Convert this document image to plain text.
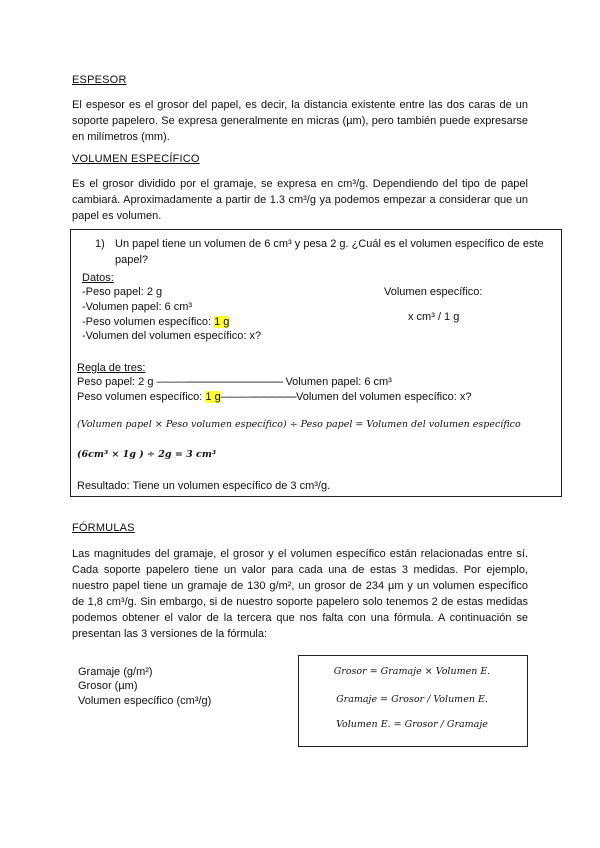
ESPESOR
El espesor es el grosor del papel, es decir, la distancia existente entre las dos caras de un soporte papelero. Se expresa generalmente en micras (µm), pero también puede expresarse en milímetros (mm).
VOLUMEN ESPECÍFICO
Es el grosor dividido por el gramaje, se expresa en cm³/g. Dependiendo del tipo de papel cambiará. Aproximadamente a partir de 1.3 cm³/g ya podemos empezar a considerar que un papel es volumen.
1) Un papel tiene un volumen de 6 cm³ y pesa 2 g. ¿Cuál es el volumen específico de este papel?
Datos:
-Peso papel: 2 g
-Volumen papel: 6 cm³
-Peso volumen específico: 1 g
-Volumen del volumen específico: x?
Volumen específico:
x cm³ / 1 g
Regla de tres:
Peso papel: 2 g ———------------------------------------ Volumen papel: 6 cm³
Peso volumen específico: 1 g———-----------------Volumen del volumen específico: x?
(Volumen papel × Peso volumen específico) ÷ Peso papel = Volumen del volumen específico
(6cm³ × 1g ) ÷ 2g = 3 cm³
Resultado: Tiene un volumen específico de 3 cm³/g.
FÓRMULAS
Las magnitudes del gramaje, el grosor y el volumen específico están relacionadas entre sí. Cada soporte papelero tiene un valor para cada una de estas 3 medidas. Por ejemplo, nuestro papel tiene un gramaje de 130 g/m², un grosor de 234 µm y un volumen específico de 1,8 cm³/g. Sin embargo, si de nuestro soporte papelero solo tenemos 2 de estas medidas podemos obtener el valor de la tercera que nos falta con una fórmula. A continuación se presentan las 3 versiones de la fórmula:
Gramaje (g/m²)
Grosor (µm)
Volumen específico (cm³/g)
Grosor = Gramaje × Volumen E.
Gramaje = Grosor / Volumen E.
Volumen E. = Grosor / Gramaje
